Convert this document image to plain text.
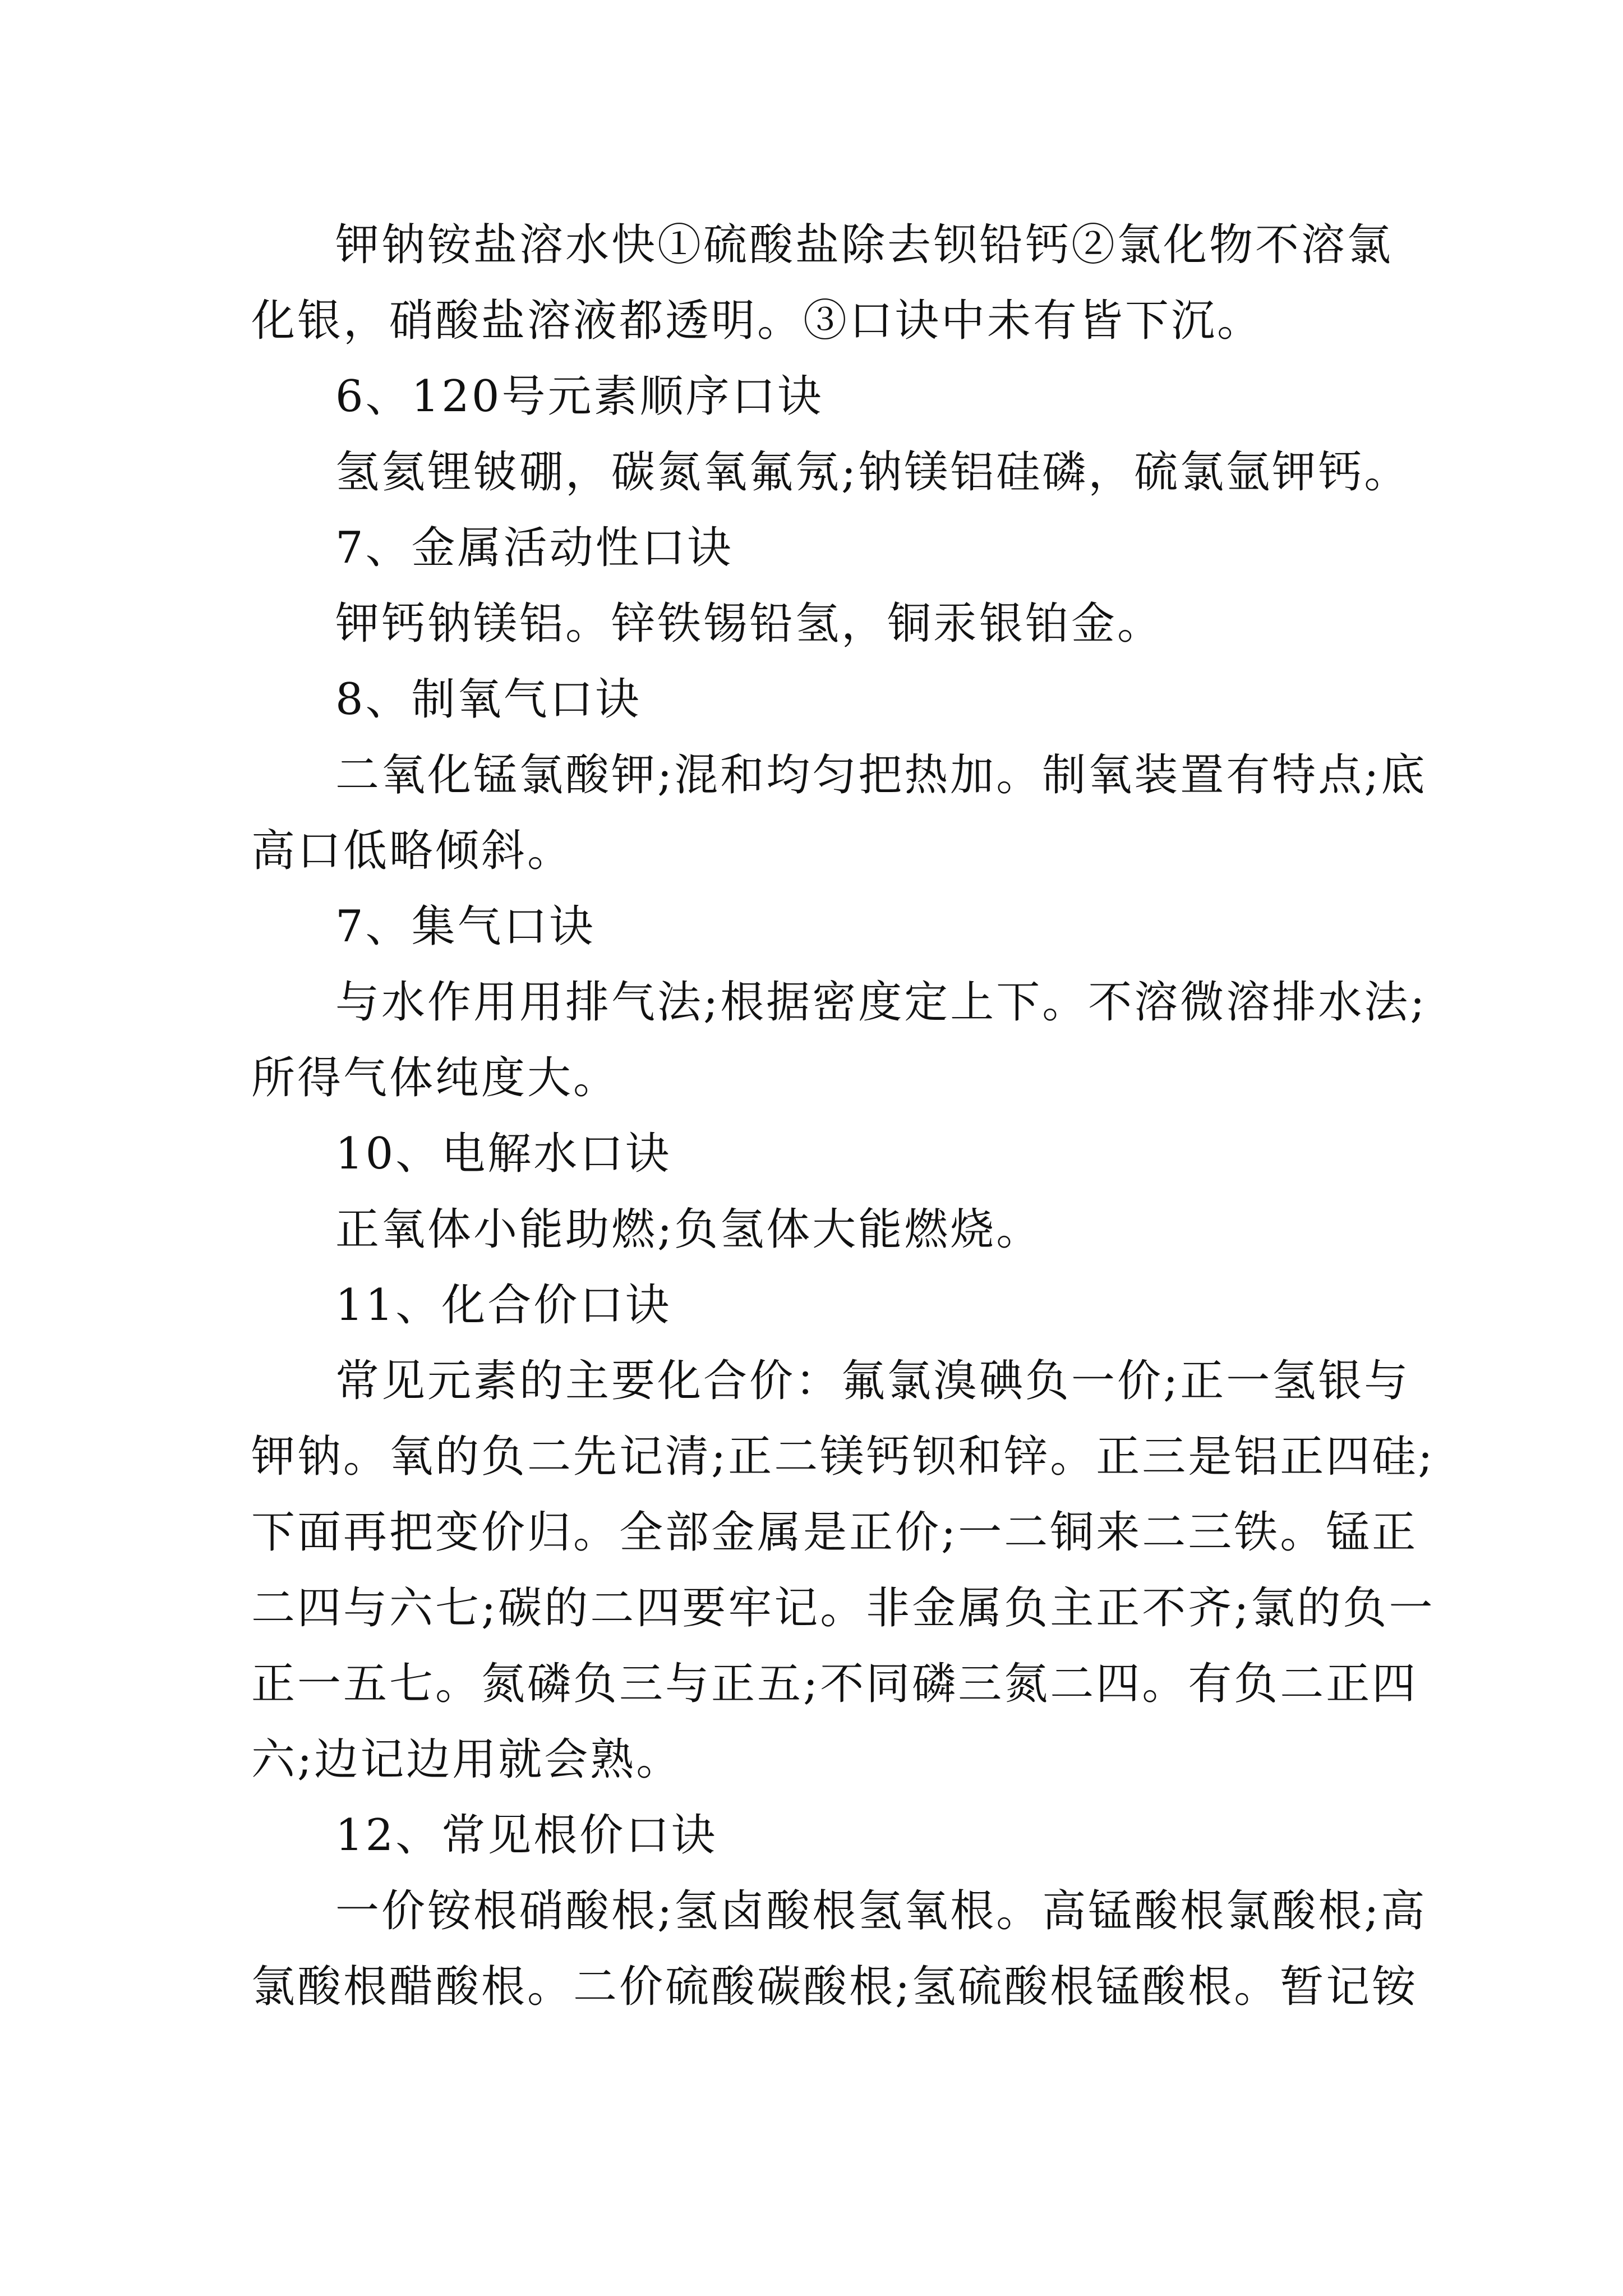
钾钠铵盐溶水快①硫酸盐除去钡铅钙②氯化物不溶氯
化银，硝酸盐溶液都透明。③口诀中未有皆下沉。
6、120号元素顺序口诀
氢氦锂铍硼，碳氮氧氟氖;钠镁铝硅磷，硫氯氩钾钙。
7、金属活动性口诀
钾钙钠镁铝。锌铁锡铅氢，铜汞银铂金。
8、制氧气口诀
二氧化锰氯酸钾;混和均匀把热加。制氧装置有特点;底
高口低略倾斜。
7、集气口诀
与水作用用排气法;根据密度定上下。不溶微溶排水法;
所得气体纯度大。
10、电解水口诀
正氧体小能助燃;负氢体大能燃烧。
11、化合价口诀
常见元素的主要化合价：氟氯溴碘负一价;正一氢银与
钾钠。氧的负二先记清;正二镁钙钡和锌。正三是铝正四硅;
下面再把变价归。全部金属是正价;一二铜来二三铁。锰正
二四与六七;碳的二四要牢记。非金属负主正不齐;氯的负一
正一五七。氮磷负三与正五;不同磷三氮二四。有负二正四
六;边记边用就会熟。
12、常见根价口诀
一价铵根硝酸根;氢卤酸根氢氧根。高锰酸根氯酸根;高
氯酸根醋酸根。二价硫酸碳酸根;氢硫酸根锰酸根。暂记铵
